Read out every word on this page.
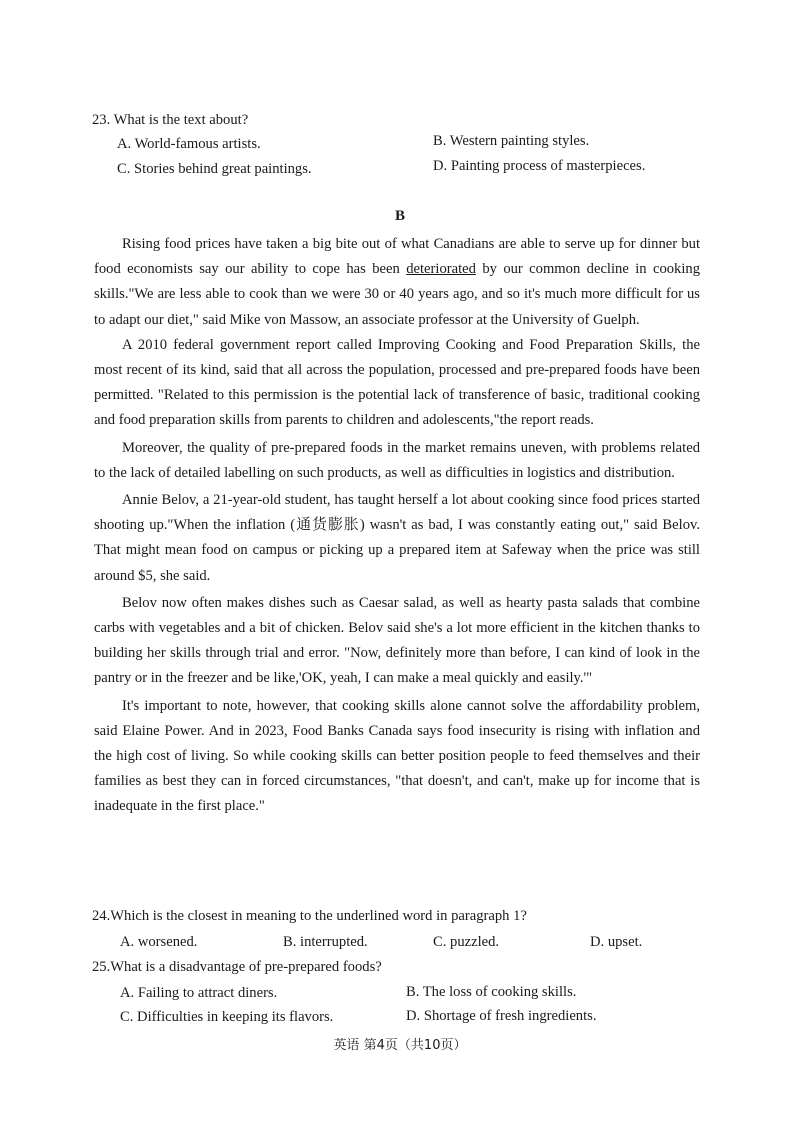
23. What is the text about?
A. World-famous artists.	B. Western painting styles.
C. Stories behind great paintings.	D. Painting process of masterpieces.
B

Rising food prices have taken a big bite out of what Canadians are able to serve up for dinner but food economists say our ability to cope has been deteriorated by our common decline in cooking skills."We are less able to cook than we were 30 or 40 years ago, and so it's much more difficult for us to adapt our diet," said Mike von Massow, an associate professor at the University of Guelph.

A 2010 federal government report called Improving Cooking and Food Preparation Skills, the most recent of its kind, said that all across the population, processed and pre-prepared foods have been permitted. "Related to this permission is the potential lack of transference of basic, traditional cooking and food preparation skills from parents to children and adolescents,"the report reads.

Moreover, the quality of pre-prepared foods in the market remains uneven, with problems related to the lack of detailed labelling on such products, as well as difficulties in logistics and distribution.

Annie Belov, a 21-year-old student, has taught herself a lot about cooking since food prices started shooting up."When the inflation (通货膨胀) wasn't as bad, I was constantly eating out," said Belov. That might mean food on campus or picking up a prepared item at Safeway when the price was still around $5, she said.

Belov now often makes dishes such as Caesar salad, as well as hearty pasta salads that combine carbs with vegetables and a bit of chicken. Belov said she's a lot more efficient in the kitchen thanks to building her skills through trial and error. "Now, definitely more than before, I can kind of look in the pantry or in the freezer and be like,'OK, yeah, I can make a meal quickly and easily.'"

It's important to note, however, that cooking skills alone cannot solve the affordability problem, said Elaine Power. And in 2023, Food Banks Canada says food insecurity is rising with inflation and the high cost of living. So while cooking skills can better position people to feed themselves and their families as best they can in forced circumstances, "that doesn't, and can't, make up for income that is inadequate in the first place."

24.Which is the closest in meaning to the underlined word in paragraph 1?
A. worsened.	B. interrupted.	C. puzzled.	D. upset.
25.What is a disadvantage of pre-prepared foods?
A. Failing to attract diners.	B. The loss of cooking skills.
C. Difficulties in keeping its flavors.	D. Shortage of fresh ingredients.
英语 第4页（共10页）
